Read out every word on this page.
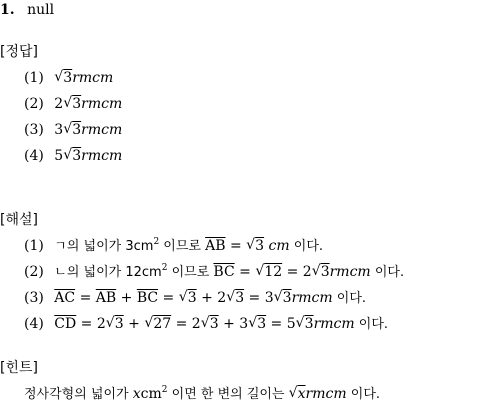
1. null
[정답]
(1) √ 3rmcm
(2) 2 √ 3rmcm
(3) 3 √ 3rmcm
(4) 5 √ 3rmcm
[해설]
(1) ㄱ의 넓이가 $3cm^2$ 이므로 $\overline{AB}$ = √ 3 cm 이다.
(2) ㄴ의 넓이가 $12cm^2$ 이므로 $\overline{BC}$ = √ 12 = 2 √ 3rmcm 이다.
(3) $\overline{AC} = \overline{AB} + \overline{BC}$ = √ 3 + 2 √ 3 = 3 √ 3rmcm 이다.
(4) $\overline{CD} = 2$ √ 3 + √ 27 = 2 √ 3 + 3 √ 3 = 5 √ 3rmcm 이다.
[힌트]
정사각형의 넓이가 xcm$^2$ 이면 한 변의 길이는 √ $\overline{x}rmcm$ 이다.
